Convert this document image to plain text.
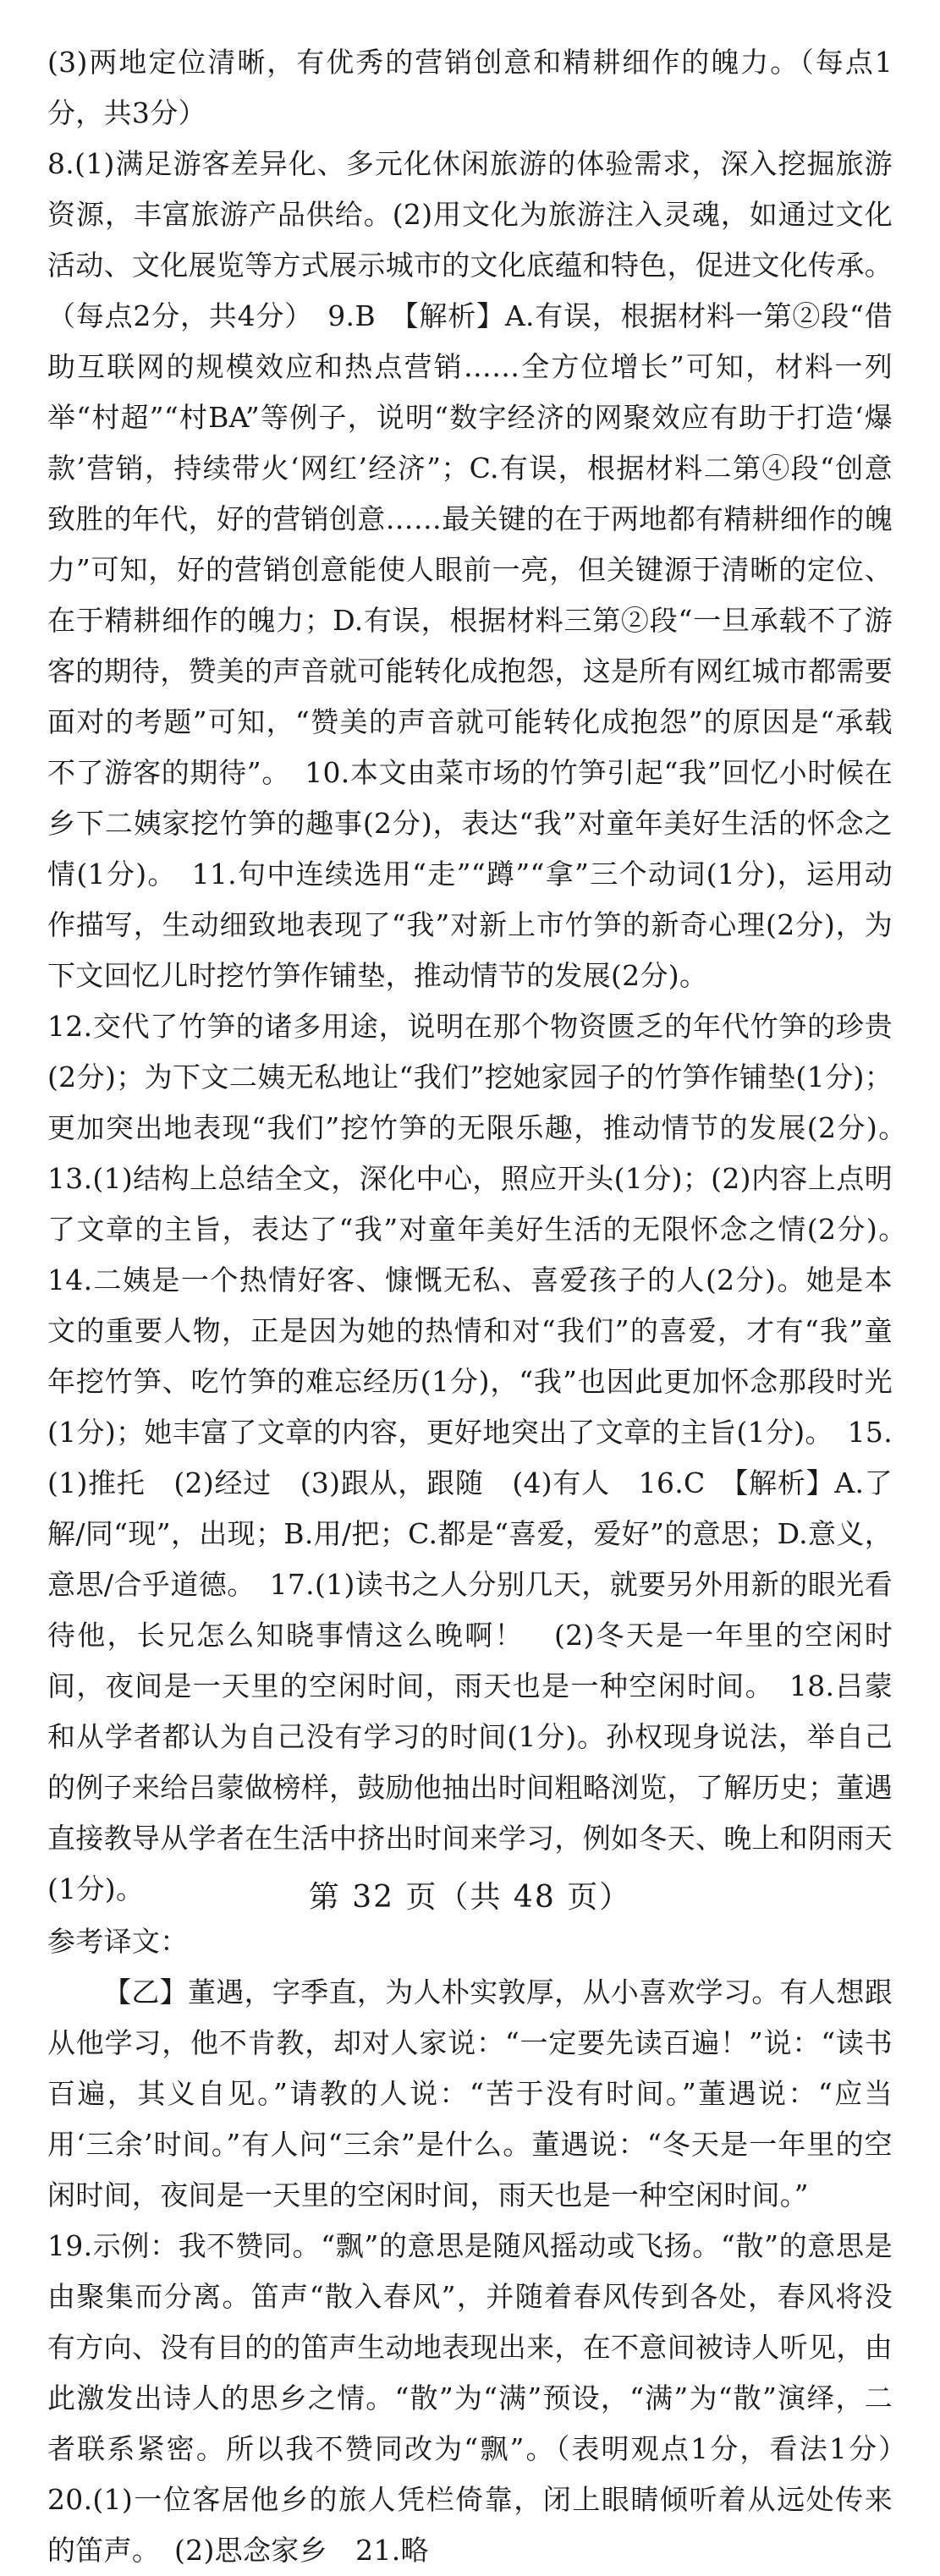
(3)两地定位清晰，有优秀的营销创意和精耕细作的魄力。（每点1分，共3分）

8.(1)满足游客差异化、多元化休闲旅游的体验需求，深入挖掘旅游资源，丰富旅游产品供给。(2)用文化为旅游注入灵魂，如通过文化活动、文化展览等方式展示城市的文化底蕴和特色，促进文化传承。（每点2分，共4分）　9.B　【解析】A.有误，根据材料一第②段“借助互联网的规模效应和热点营销……全方位增长”可知，材料一列举“村超”“村BA”等例子，说明“数字经济的网聚效应有助于打造‘爆款’营销，持续带火‘网红’经济”；C.有误，根据材料二第④段“创意致胜的年代，好的营销创意……最关键的在于两地都有精耕细作的魄力”可知，好的营销创意能使人眼前一亮，但关键源于清晰的定位、在于精耕细作的魄力；D.有误，根据材料三第②段“一旦承载不了游客的期待，赞美的声音就可能转化成抱怨，这是所有网红城市都需要面对的考题”可知，“赞美的声音就可能转化成抱怨”的原因是“承载不了游客的期待”。　10.本文由菜市场的竹笋引起“我”回忆小时候在乡下二姨家挖竹笋的趣事(2分)，表达“我”对童年美好生活的怀念之情(1分)。　11.句中连续选用“走”“蹲”“拿”三个动词(1分)，运用动作描写，生动细致地表现了“我”对新上市竹笋的新奇心理(2分)，为下文回忆儿时挖竹笋作铺垫，推动情节的发展(2分)。

12.交代了竹笋的诸多用途，说明在那个物资匮乏的年代竹笋的珍贵(2分)；为下文二姨无私地让“我们”挖她家园子的竹笋作铺垫(1分)；更加突出地表现“我们”挖竹笋的无限乐趣，推动情节的发展(2分)。　13.(1)结构上总结全文，深化中心，照应开头(1分)；(2)内容上点明了文章的主旨，表达了“我”对童年美好生活的无限怀念之情(2分)。　14.二姨是一个热情好客、慷慨无私、喜爱孩子的人(2分)。她是本文的重要人物，正是因为她的热情和对“我们”的喜爱，才有“我”童年挖竹笋、吃竹笋的难忘经历(1分)，“我”也因此更加怀念那段时光(1分)；她丰富了文章的内容，更好地突出了文章的主旨(1分)。　15.(1)推托　(2)经过　(3)跟从，跟随　(4)有人　16.C　【解析】A.了解/同“现”，出现；B.用/把；C.都是“喜爱，爱好”的意思；D.意义，意思/合乎道德。　17.(1)读书之人分别几天，就要另外用新的眼光看待他，长兄怎么知晓事情这么晚啊！　(2)冬天是一年里的空闲时间，夜间是一天里的空闲时间，雨天也是一种空闲时间。　18.吕蒙和从学者都认为自己没有学习的时间(1分)。孙权现身说法，举自己的例子来给吕蒙做榜样，鼓励他抽出时间粗略浏览，了解历史；董遇直接教导从学者在生活中挤出时间来学习，例如冬天、晚上和阴雨天(1分)。

参考译文：

【乙】董遇，字季直，为人朴实敦厚，从小喜欢学习。有人想跟从他学习，他不肯教，却对人家说：“一定要先读百遍！”说：“读书百遍，其义自见。”请教的人说：“苦于没有时间。”董遇说：“应当用‘三余’时间。”有人问“三余”是什么。董遇说：“冬天是一年里的空闲时间，夜间是一天里的空闲时间，雨天也是一种空闲时间。”

19.示例：我不赞同。“飘”的意思是随风摇动或飞扬。“散”的意思是由聚集而分离。笛声“散入春风”，并随着春风传到各处，春风将没有方向、没有目的的笛声生动地表现出来，在不意间被诗人听见，由此激发出诗人的思乡之情。“散”为“满”预设，“满”为“散”演绎，二者联系紧密。所以我不赞同改为“飘”。（表明观点1分，看法1分）　20.(1)一位客居他乡的旅人凭栏倚靠，闭上眼睛倾听着从远处传来的笛声。　(2)思念家乡　21.略

第 32 页（共 48 页）
